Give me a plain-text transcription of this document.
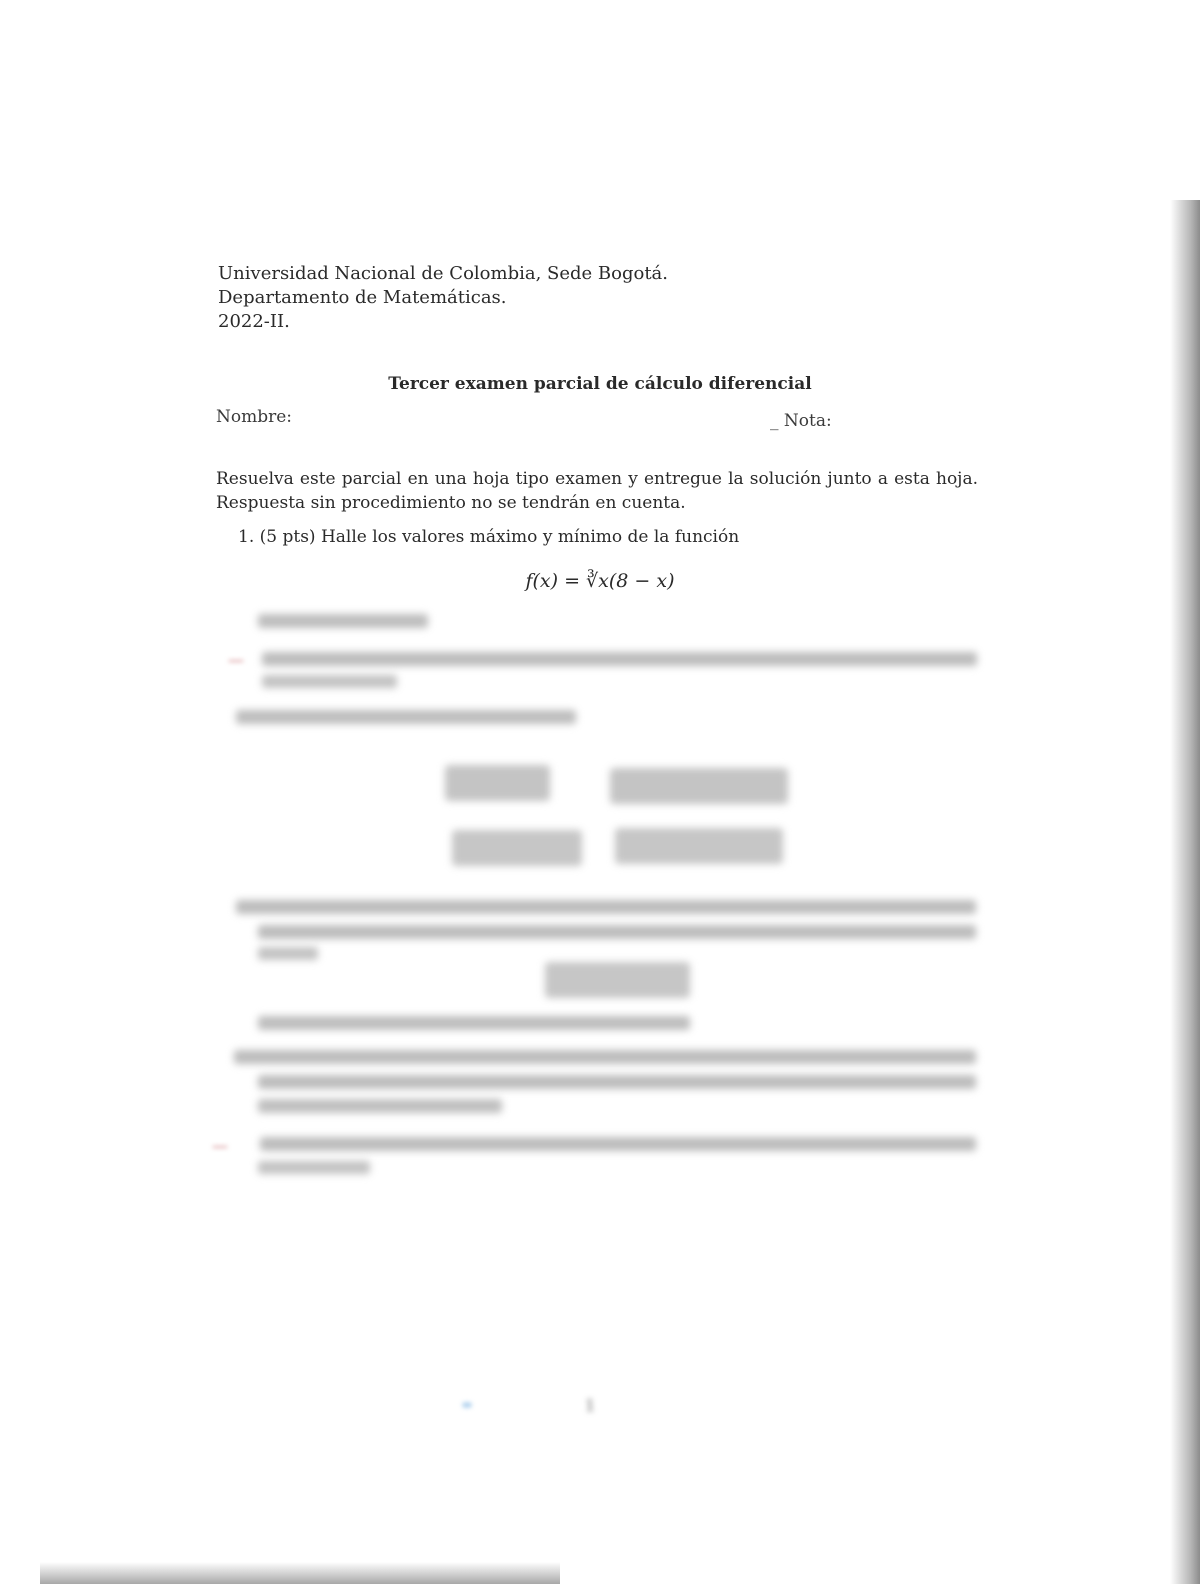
Universidad Nacional de Colombia, Sede Bogotá.
Departamento de Matemáticas.
2022-II.
Tercer examen parcial de cálculo diferencial
Nombre:	_ Nota:
Resuelva este parcial en una hoja tipo examen y entregue la solución junto a esta hoja. Respuesta sin procedimiento no se tendrán en cuenta.
1. (5 pts) Halle los valores máximo y mínimo de la función
f(x) = ∛x(8 − x)
—
—
1
